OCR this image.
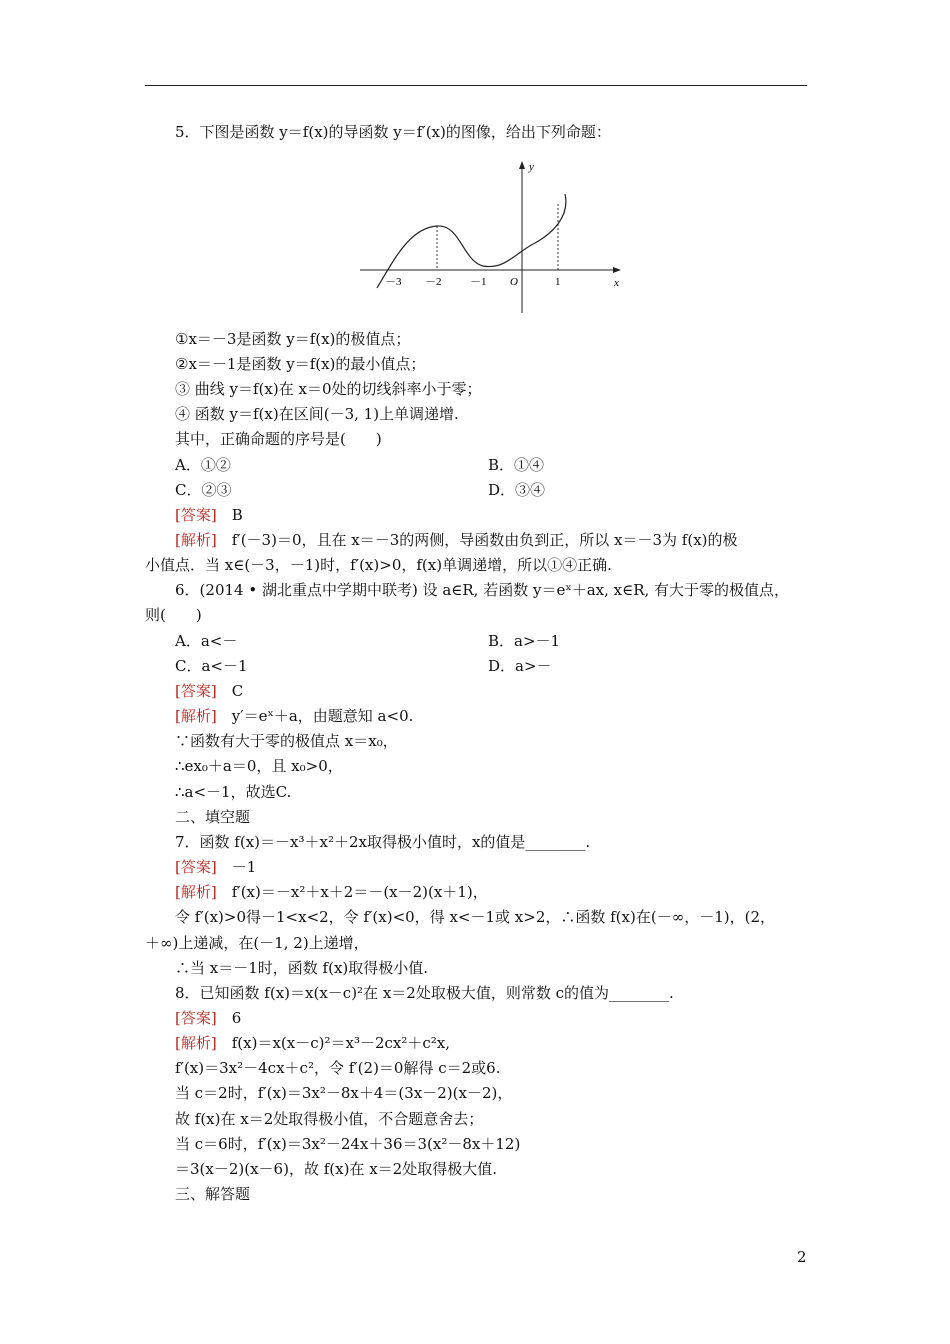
5．下图是函数 y＝f(x)的导函数 y＝f′(x)的图像，给出下列命题：
y
x
O
－3 －2	－1	1
①x＝－3是函数 y＝f(x)的极值点；
②x＝－1是函数 y＝f(x)的最小值点；
③ 曲线 y＝f(x)在 x＝0处的切线斜率小于零；
④ 函数 y＝f(x)在区间(－3, 1)上单调递增.
其中，正确命题的序号是(　　)
A．①②	B．①④
C．②③	D．③④
[答案]　 B
[解析]　 f′(－3)＝0，且在 x＝－3的两侧，导函数由负到正，所以 x＝－3为 f(x)的极
小值点．当 x∈(－3，－1)时，f′(x)>0，f(x)单调递增，所以①④正确.
6．(2014 • 湖北重点中学期中联考) 设 a∈R, 若函数 y＝eˣ＋ax, x∈R, 有大于零的极值点，
则(　　)
A．a<－	B．a>－1
C．a<－1	D．a>－
[答案]　 C
[解析]　 y′＝eˣ＋a，由题意知 a<0.
∵函数有大于零的极值点 x＝x₀，
∴ex₀＋a＝0，且 x₀>0，
∴a<－1，故选C.
二、填空题
7．函数 f(x)＝－x³＋x²＋2x取得极小值时，x的值是________.
[答案]　 －1
[解析]　 f′(x)＝－x²＋x＋2＝－(x－2)(x＋1)，
令 f′(x)>0得－1<x<2，令 f′(x)<0，得 x<－1或 x>2，∴函数 f(x)在(－∞，－1)，(2，
＋∞)上递减，在(－1, 2)上递增，
∴当 x＝－1时，函数 f(x)取得极小值.
8．已知函数 f(x)＝x(x－c)²在 x＝2处取极大值，则常数 c的值为________.
[答案]　 6
[解析]　 f(x)＝x(x－c)²＝x³－2cx²＋c²x,
f′(x)＝3x²－4cx＋c²，令 f′(2)＝0解得 c＝2或6.
当 c＝2时，f′(x)＝3x²－8x＋4＝(3x－2)(x－2)，
故 f(x)在 x＝2处取得极小值，不合题意舍去；
当 c＝6时，f′(x)＝3x²－24x＋36＝3(x²－8x＋12)
＝3(x－2)(x－6)，故 f(x)在 x＝2处取得极大值.
三、解答题
2
